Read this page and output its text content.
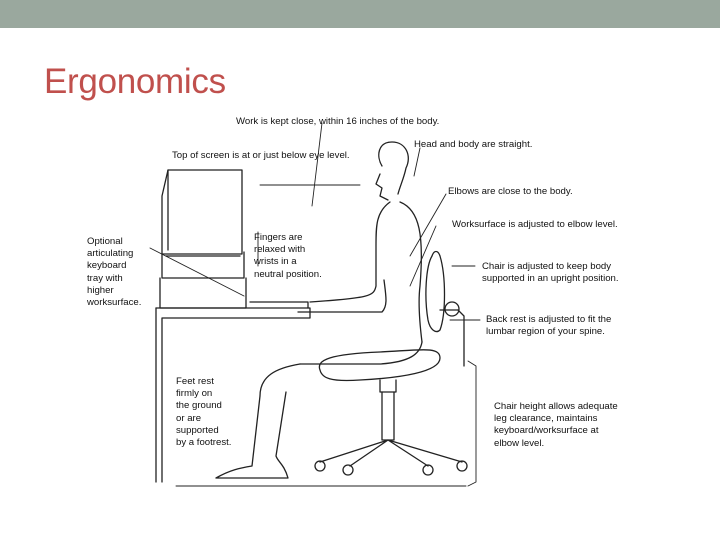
Ergonomics
Work is kept close, within 16 inches of the body.
Head and body are straight.
Top of screen is at or just below eye level.
Elbows are close to the body.
Worksurface is adjusted to elbow level.
Optional
articulating
keyboard
tray with
higher
worksurface.
Fingers are
relaxed with
wrists in a
neutral position.
Chair is adjusted to keep body
supported in an upright position.
Back rest is adjusted to fit the
lumbar region of your spine.
Feet rest
firmly on
the ground
or are
supported
by a footrest.
Chair height allows adequate
leg clearance, maintains
keyboard/worksurface at
elbow level.
